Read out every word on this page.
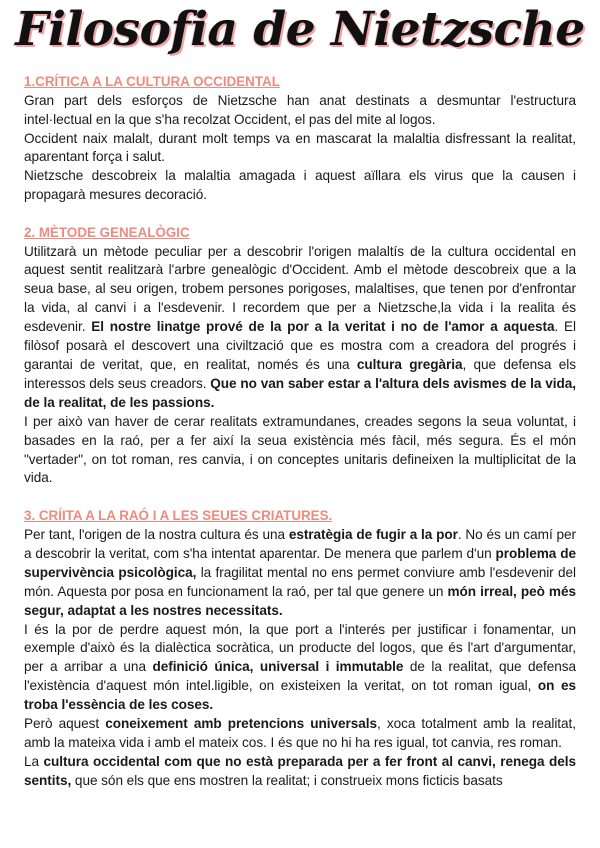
Filosofia de Nietzsche
1.CRÍTICA A LA CULTURA OCCIDENTAL

Gran part dels esforços de Nietzsche han anat destinats a desmuntar l'estructura intel·lectual en la que s'ha recolzat Occident, el pas del mite al logos.

Occident naix malalt, durant molt temps va en mascarat la malaltia disfressant la realitat, aparentant força i salut.

Nietzsche descobreix la malaltia amagada i aquest aïllara els virus que la causen i propagarà mesures decoració.

2. MÈTODE GENEALÒGIC

Utilitzarà un mètode peculiar per a descobrir l'origen malaltís de la cultura occidental en aquest sentit realitzarà l'arbre genealògic d'Occident. Amb el mètode descobreix que a la seua base, al seu origen, trobem persones porigoses, malaltises, que tenen por d'enfrontar la vida, al canvi i a l'esdevenir. I recordem que per a Nietzsche,la vida i la realita és esdevenir. El nostre linatge prové de la por a la veritat i no de l'amor a aquesta. El filòsof posarà el descovert una civiltzació que es mostra com a creadora del progrés i garantai de veritat, que, en realitat, només és una cultura gregària, que defensa els interessos dels seus creadors. Que no van saber estar a l'altura dels avismes de la vida, de la realitat, de les passions.

I per això van haver de cerar realitats extramundanes, creades segons la seua voluntat, i basades en la raó, per a fer així la seua existència més fàcil, més segura. És el món "vertader", on tot roman, res canvia, i on conceptes unitaris defineixen la multiplicitat de la vida.

3. CRÍITA A LA RAÓ I A LES SEUES CRIATURES.

Per tant, l'origen de la nostra cultura és una estratègia de fugir a la por. No és un camí per a descobrir la veritat, com s'ha intentat aparentar. De menera que parlem d'un problema de supervivència psicològica, la fragilitat mental no ens permet conviure amb l'esdevenir del món. Aquesta por posa en funcionament la raó, per tal que genere un món irreal, peò més segur, adaptat a les nostres necessitats.

I és la por de perdre aquest món, la que port a l'interés per justificar i fonamentar, un exemple d'això és la dialèctica socràtica, un producte del logos, que és l'art d'argumentar, per a arribar a una definició única, universal i immutable de la realitat, que defensa l'existència d'aquest món intel.ligible, on existeixen la veritat, on tot roman igual, on es troba l'essència de les coses.

Però aquest coneixement amb pretencions universals, xoca totalment amb la realitat, amb la mateixa vida i amb el mateix cos. I és que no hi ha res igual, tot canvia, res roman.

La cultura occidental com que no està preparada per a fer front al canvi, renega dels sentits, que són els que ens mostren la realitat; i construeix mons ficticis basats
